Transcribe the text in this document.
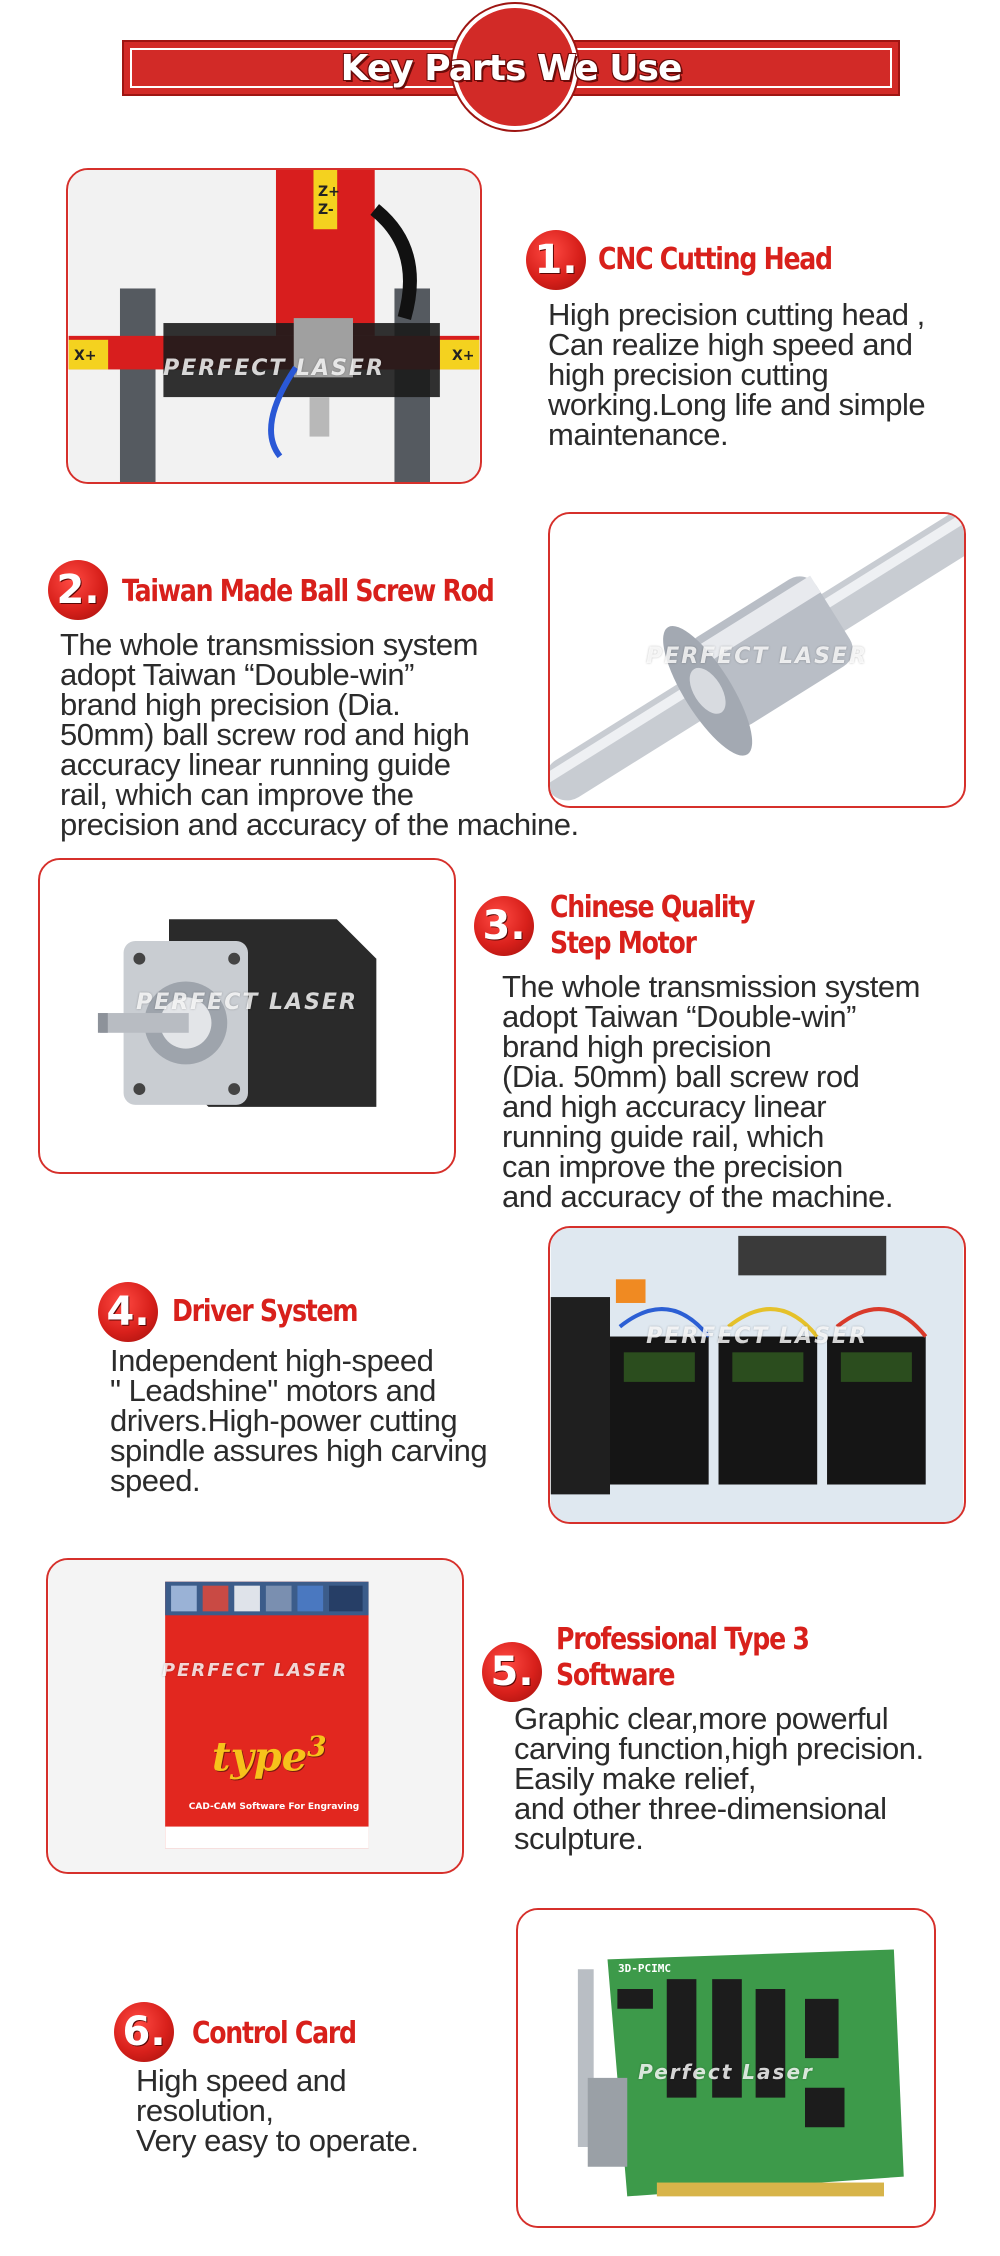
Key Parts We Use
Z+
Z-
X+	X+
PERFECT LASER
1 . CNC Cutting Head
High precision cutting head ,
Can realize high speed and
high precision cutting
working.Long life and simple
maintenance.
2 . Taiwan Made Ball Screw Rod
The whole transmission system
adopt Taiwan “Double-win”
brand high precision (Dia.
50mm) ball screw rod and high
accuracy linear running guide
rail, which can improve the
precision and accuracy of the machine.
PERFECT LASER
PERFECT LASER
3 . Chinese Quality
Step Motor
The whole transmission system
adopt Taiwan “Double-win”
brand high precision
(Dia. 50mm) ball screw rod
and high accuracy linear
running guide rail, which
can improve the precision
and accuracy of the machine.
4 . Driver System
Independent high-speed
" Leadshine" motors and
drivers.High-power cutting
spindle assures high carving
speed.
PERFECT LASER
PERFECT LASER
type$^3$
CAD-CAM Software For Engraving
5 .
Professional Type 3
Software
Graphic clear,more powerful
carving function,high precision.
Easily make relief,
and other three-dimensional
sculpture.
6 . Control Card
High speed and
resolution,
Very easy to operate.
3D-PCIMC
Perfect Laser
